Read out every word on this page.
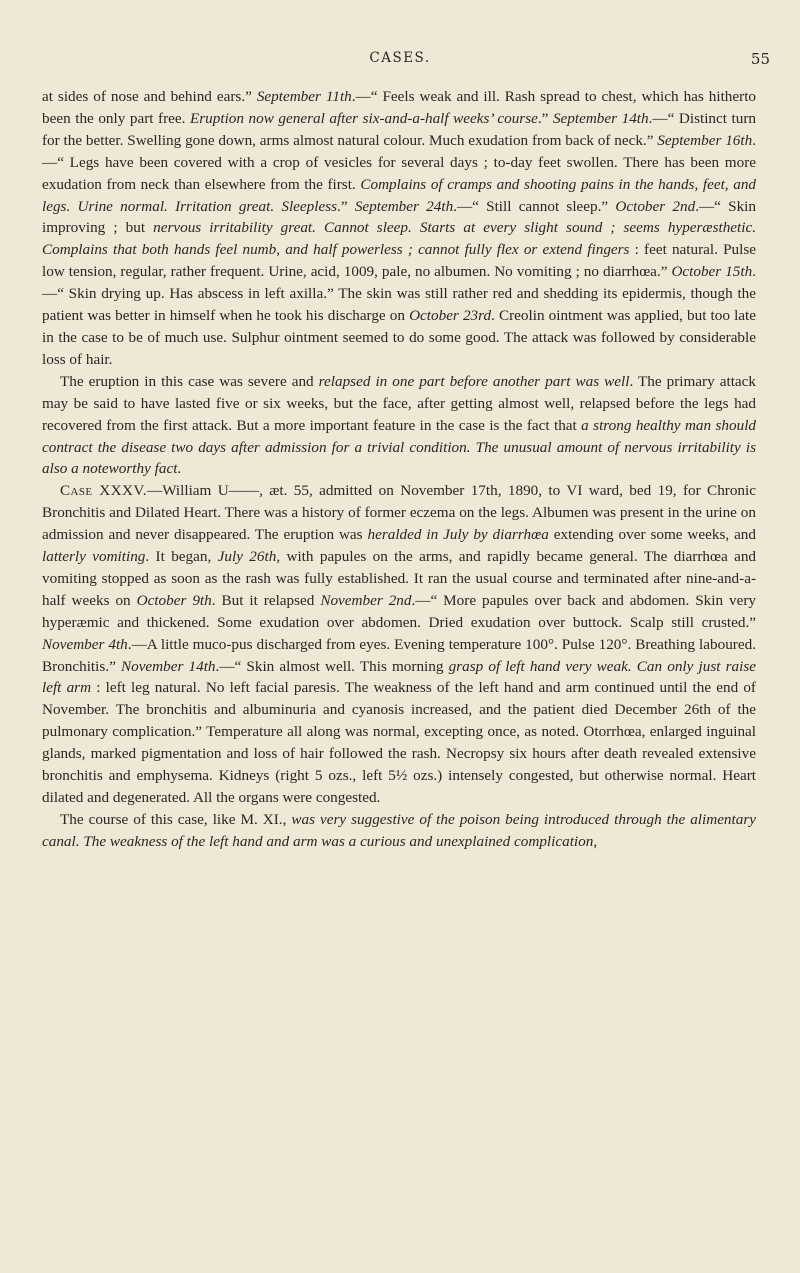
CASES.	55

at sides of nose and behind ears.” September 11th.—“ Feels weak and ill. Rash spread to chest, which has hitherto been the only part free. Eruption now general after six-and-a-half weeks’ course.” September 14th.—“ Distinct turn for the better. Swelling gone down, arms almost natural colour. Much exudation from back of neck.” September 16th.—“ Legs have been covered with a crop of vesicles for several days ; to-day feet swollen. There has been more exudation from neck than elsewhere from the first. Complains of cramps and shooting pains in the hands, feet, and legs. Urine normal. Irritation great. Sleepless.” September 24th.—“ Still cannot sleep.” October 2nd.—“ Skin improving ; but nervous irritability great. Cannot sleep. Starts at every slight sound ; seems hyperæsthetic. Complains that both hands feel numb, and half powerless ; cannot fully flex or extend fingers : feet natural. Pulse low tension, regular, rather frequent. Urine, acid, 1009, pale, no albumen. No vomiting ; no diarrhœa.” October 15th.—“ Skin drying up. Has abscess in left axilla.” The skin was still rather red and shedding its epidermis, though the patient was better in himself when he took his discharge on October 23rd. Creolin ointment was applied, but too late in the case to be of much use. Sulphur ointment seemed to do some good. The attack was followed by considerable loss of hair.

The eruption in this case was severe and relapsed in one part before another part was well. The primary attack may be said to have lasted five or six weeks, but the face, after getting almost well, relapsed before the legs had recovered from the first attack. But a more important feature in the case is the fact that a strong healthy man should contract the disease two days after admission for a trivial condition. The unusual amount of nervous irritability is also a noteworthy fact.

Case XXXV.—William U——, æt. 55, admitted on November 17th, 1890, to VI ward, bed 19, for Chronic Bronchitis and Dilated Heart. There was a history of former eczema on the legs. Albumen was present in the urine on admission and never disappeared. The eruption was heralded in July by diarrhœa extending over some weeks, and latterly vomiting. It began, July 26th, with papules on the arms, and rapidly became general. The diarrhœa and vomiting stopped as soon as the rash was fully established. It ran the usual course and terminated after nine-and-a-half weeks on October 9th. But it relapsed November 2nd.—“ More papules over back and abdomen. Skin very hyperæmic and thickened. Some exudation over abdomen. Dried exudation over buttock. Scalp still crusted.” November 4th.—A little muco-pus discharged from eyes. Evening temperature 100°. Pulse 120°. Breathing laboured. Bronchitis.” November 14th.—“ Skin almost well. This morning grasp of left hand very weak. Can only just raise left arm : left leg natural. No left facial paresis. The weakness of the left hand and arm continued until the end of November. The bronchitis and albuminuria and cyanosis increased, and the patient died December 26th of the pulmonary complication.” Temperature all along was normal, excepting once, as noted. Otorrhœa, enlarged inguinal glands, marked pigmentation and loss of hair followed the rash. Necropsy six hours after death revealed extensive bronchitis and emphysema. Kidneys (right 5 ozs., left 5½ ozs.) intensely congested, but otherwise normal. Heart dilated and degenerated. All the organs were congested.

The course of this case, like M. XI., was very suggestive of the poison being introduced through the alimentary canal. The weakness of the left hand and arm was a curious and unexplained complication,
